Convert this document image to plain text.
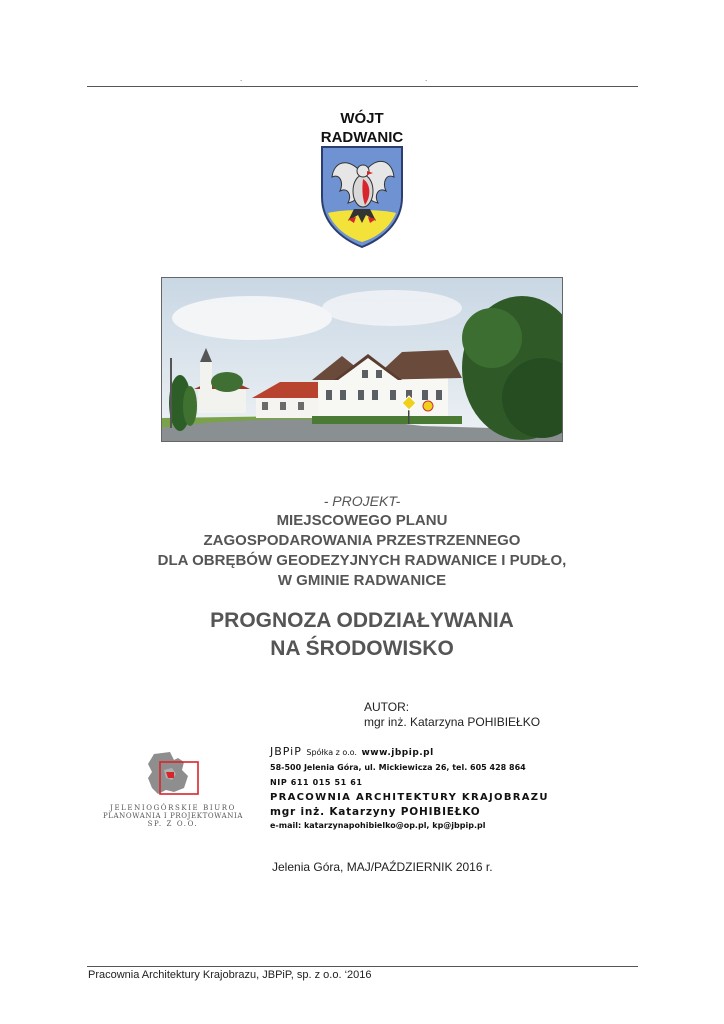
.	.
WÓJT
RADWANIC
- PROJEKT-
MIEJSCOWEGO PLANU
ZAGOSPODAROWANIA PRZESTRZENNEGO
DLA OBRĘBÓW GEODEZYJNYCH RADWANICE I PUDŁO,
W GMINIE RADWANICE
PROGNOZA ODDZIAŁYWANIA
NA ŚRODOWISKO
AUTOR:
mgr inż. Katarzyna POHIBIEŁKO
JELENIOGÓRSKIE BIURO
PLANOWANIA I PROJEKTOWANIA
SP. Z O.O.
JBPiP Spółka z o.o. www.jbpip.pl
58-500 Jelenia Góra, ul. Mickiewicza 26, tel. 605 428 864
NIP 611 015 51 61
PRACOWNIA ARCHITEKTURY KRAJOBRAZU
mgr inż. Katarzyny POHIBIEŁKO
e-mail: katarzynapohibielko@op.pl, kp@jbpip.pl
Jelenia Góra, MAJ/PAŹDZIERNIK 2016 r.
Pracownia Architektury Krajobrazu, JBPiP, sp. z o.o. ‘2016
